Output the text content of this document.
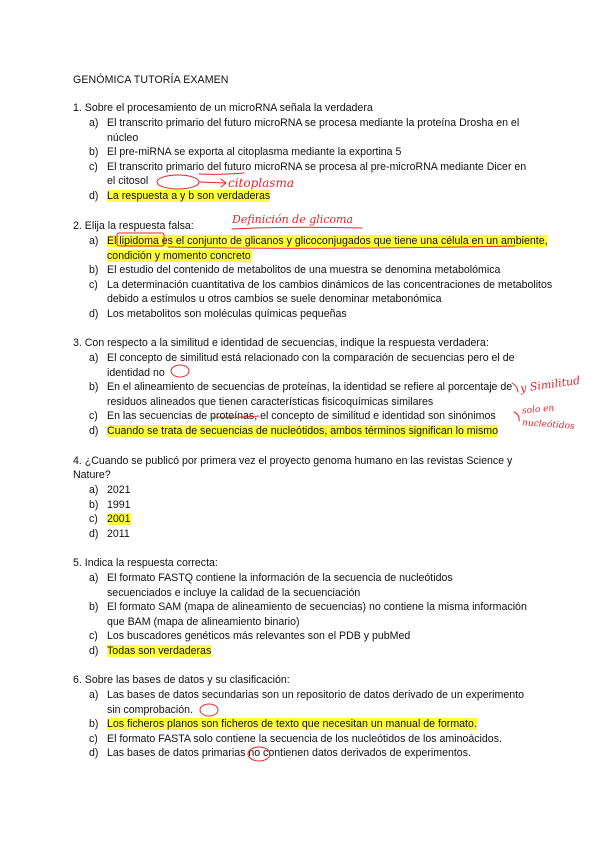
GENÓMICA TUTORÍA EXAMEN
1. Sobre el procesamiento de un microRNA señala la verdadera
a) El transcrito primario del futuro microRNA se procesa mediante la proteína Drosha en el núcleo
b) El pre-miRNA se exporta al citoplasma mediante la exportina 5
c) El transcrito primario del futuro microRNA se procesa al pre-microRNA mediante Dicer en el citosol
d) La respuesta a y b son verdaderas
2. Elija la respuesta falsa:
a) El lipidoma es el conjunto de glicanos y glicoconjugados que tiene una célula en un ambiente, condición y momento concreto
b) El estudio del contenido de metabolitos de una muestra se denomina metabolómica
c) La determinación cuantitativa de los cambios dinámicos de las concentraciones de metabolitos debido a estímulos u otros cambios se suele denominar metabonómica
d) Los metabolitos son moléculas químicas pequeñas
3. Con respecto a la similitud e identidad de secuencias, indique la respuesta verdadera:
a) El concepto de similitud está relacionado con la comparación de secuencias pero el de identidad no
b) En el alineamiento de secuencias de proteínas, la identidad se refiere al porcentaje de residuos alineados que tienen características fisicoquímicas similares
c) En las secuencias de proteínas, el concepto de similitud e identidad son sinónimos
d) Cuando se trata de secuencias de nucleótidos, ambos términos significan lo mismo
4. ¿Cuando se publicó por primera vez el proyecto genoma humano en las revistas Science y Nature?
a) 2021
b) 1991
c) 2001
d) 2011
5. Indica la respuesta correcta:
a) El formato FASTQ contiene la información de la secuencia de nucleótidos secuenciados e incluye la calidad de la secuenciación
b) El formato SAM (mapa de alineamiento de secuencias) no contiene la misma información que BAM (mapa de alineamiento binario)
c) Los buscadores genéticos más relevantes son el PDB y pubMed
d) Todas son verdaderas
6. Sobre las bases de datos y su clasificación:
a) Las bases de datos secundarias son un repositorio de datos derivado de un experimento sin comprobación.
b) Los ficheros planos son ficheros de texto que necesitan un manual de formato.
c) El formato FASTA solo contiene la secuencia de los nucleótidos de los aminoácidos.
d) Las bases de datos primarias no contienen datos derivados de experimentos.
citoplasma
Definición de glicoma
y Similitud
solo en
nucleótidos
